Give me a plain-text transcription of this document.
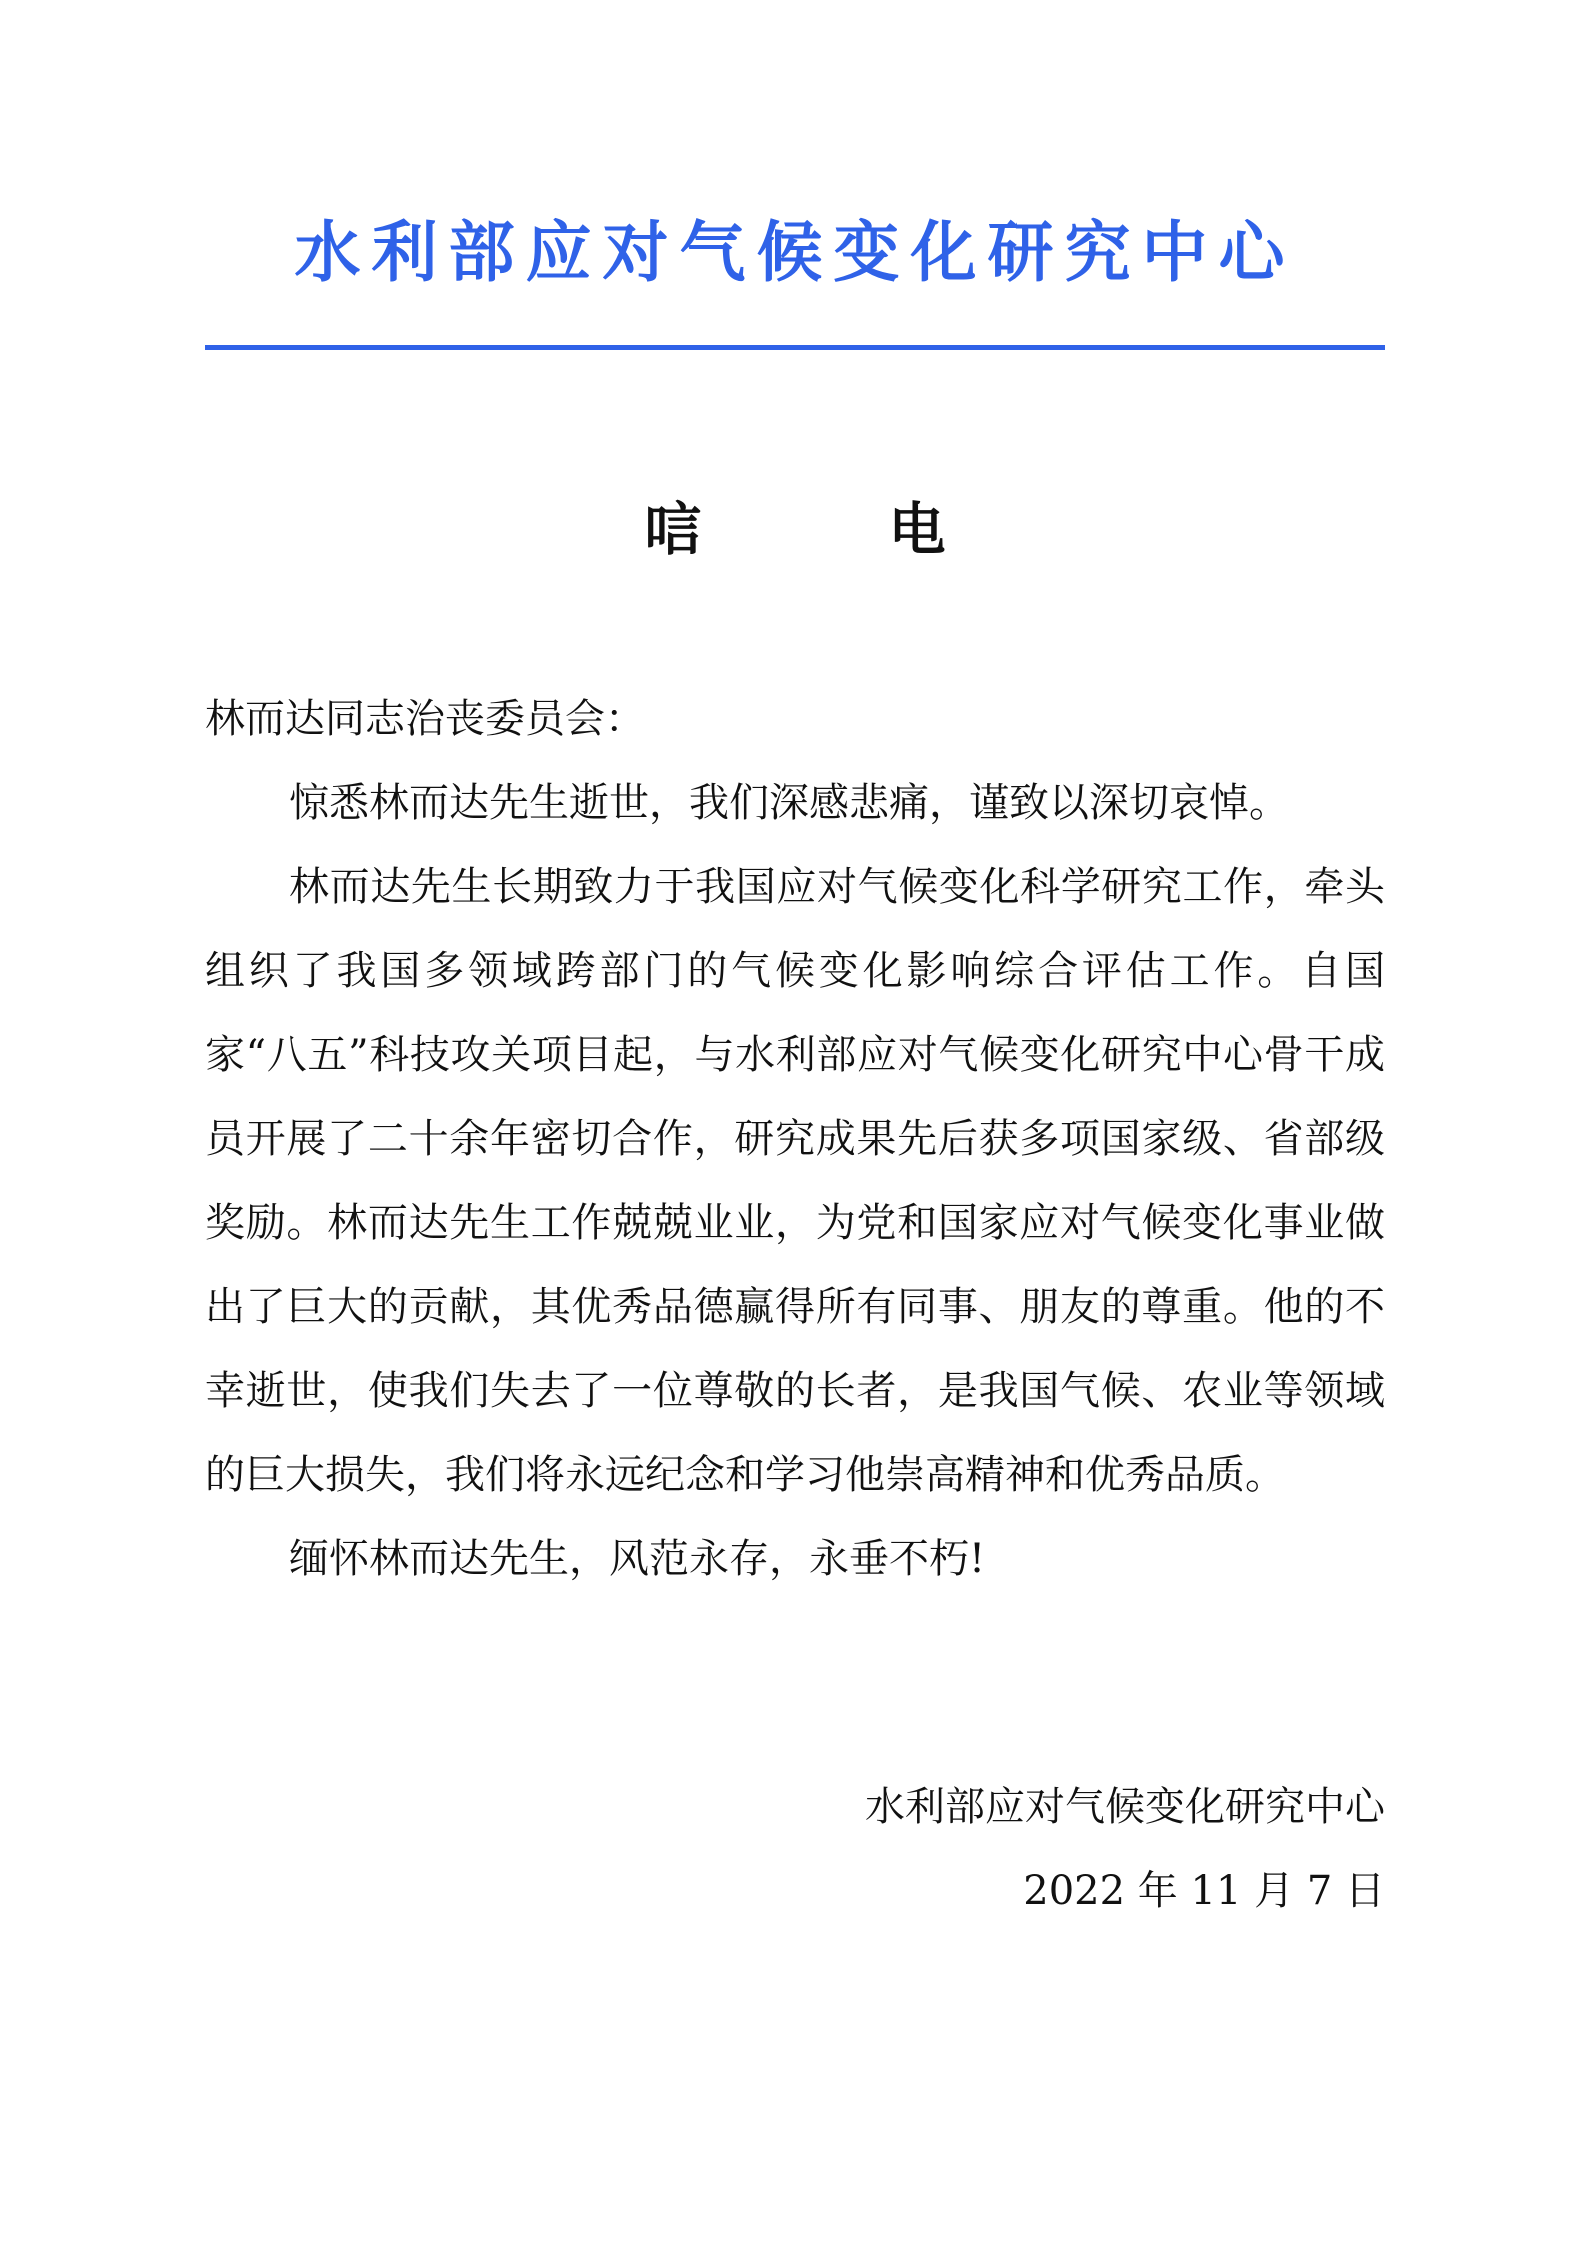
水利部应对气候变化研究中心
唁　电
林而达同志治丧委员会：

惊悉林而达先生逝世，我们深感悲痛，谨致以深切哀悼。

林而达先生长期致力于我国应对气候变化科学研究工作，牵头组织了我国多领域跨部门的气候变化影响综合评估工作。自国家“八五”科技攻关项目起，与水利部应对气候变化研究中心骨干成员开展了二十余年密切合作，研究成果先后获多项国家级、省部级奖励。林而达先生工作兢兢业业，为党和国家应对气候变化事业做出了巨大的贡献，其优秀品德赢得所有同事、朋友的尊重。他的不幸逝世，使我们失去了一位尊敬的长者，是我国气候、农业等领域的巨大损失，我们将永远纪念和学习他崇高精神和优秀品质。

缅怀林而达先生，风范永存，永垂不朽!

水利部应对气候变化研究中心
2022 年 11 月 7 日
